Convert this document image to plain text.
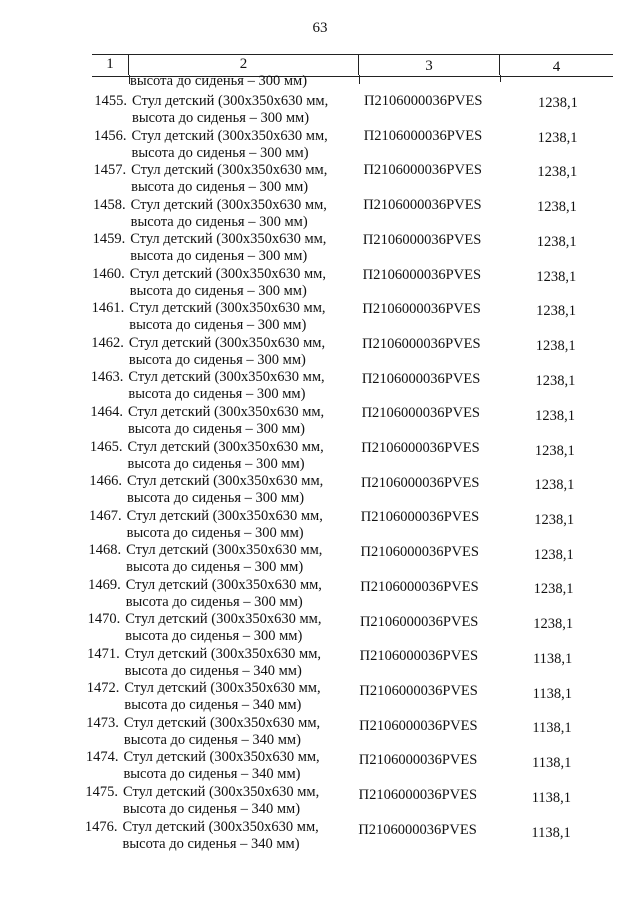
63
1	2	3	4
высота до сиденья – 300 мм)
1455. Стул детский (300х350х630 мм,
высота до сиденья – 300 мм)
П2106000036PVES	1238,1
1456. Стул детский (300х350х630 мм,
высота до сиденья – 300 мм)
П2106000036PVES	1238,1
1457. Стул детский (300х350х630 мм,
высота до сиденья – 300 мм)
П2106000036PVES	1238,1
1458. Стул детский (300х350х630 мм,
высота до сиденья – 300 мм)
П2106000036PVES	1238,1
1459. Стул детский (300х350х630 мм,
высота до сиденья – 300 мм)
П2106000036PVES	1238,1
1460. Стул детский (300х350х630 мм,
высота до сиденья – 300 мм)
П2106000036PVES	1238,1
1461. Стул детский (300х350х630 мм,
высота до сиденья – 300 мм)
П2106000036PVES	1238,1
1462. Стул детский (300х350х630 мм,
высота до сиденья – 300 мм)
П2106000036PVES	1238,1
1463. Стул детский (300х350х630 мм,
высота до сиденья – 300 мм)
П2106000036PVES	1238,1
1464. Стул детский (300х350х630 мм,
высота до сиденья – 300 мм)
П2106000036PVES	1238,1
1465. Стул детский (300х350х630 мм,
высота до сиденья – 300 мм)
П2106000036PVES	1238,1
1466. Стул детский (300х350х630 мм,
высота до сиденья – 300 мм)
П2106000036PVES	1238,1
1467. Стул детский (300х350х630 мм,
высота до сиденья – 300 мм)
П2106000036PVES	1238,1
1468. Стул детский (300х350х630 мм,
высота до сиденья – 300 мм)
П2106000036PVES	1238,1
1469. Стул детский (300х350х630 мм,
высота до сиденья – 300 мм)
П2106000036PVES	1238,1
1470. Стул детский (300х350х630 мм,
высота до сиденья – 300 мм)
П2106000036PVES	1238,1
1471. Стул детский (300х350х630 мм,
высота до сиденья – 340 мм)
П2106000036PVES	1138,1
1472. Стул детский (300х350х630 мм,
высота до сиденья – 340 мм)
П2106000036PVES	1138,1
1473. Стул детский (300х350х630 мм,
высота до сиденья – 340 мм)
П2106000036PVES	1138,1
1474. Стул детский (300х350х630 мм,
высота до сиденья – 340 мм)
П2106000036PVES	1138,1
1475. Стул детский (300х350х630 мм,
высота до сиденья – 340 мм)
П2106000036PVES	1138,1
1476. Стул детский (300х350х630 мм,
высота до сиденья – 340 мм)
П2106000036PVES	1138,1
